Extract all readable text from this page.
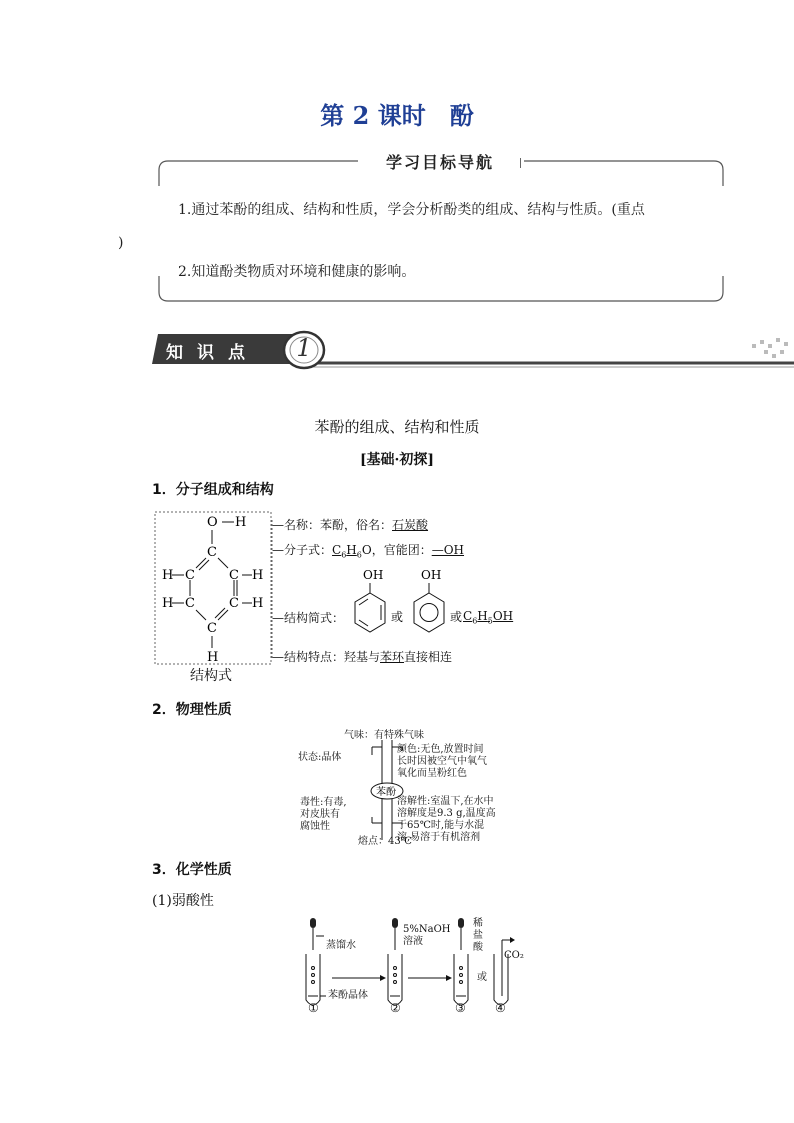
第 2 课时　酚
学习目标导航
1.通过苯酚的组成、结构和性质，学会分析酚类的组成、结构与性质。(重点
)
2.知道酚类物质对环境和健康的影响。
知识点	1
苯酚的组成、结构和性质
[基础·初探]
1．分子组成和结构
O H
C
C	C
C	C
C
H	H
H	H
H
结构式
—名称：苯酚，俗名：石炭酸
—分子式：$C_6H_6O$，官能团：—OH
—结构简式：
OH
或
OH
或 $C_6H_5OH$
—结构特点：羟基与苯环直接相连
2．物理性质
苯酚
气味：有特殊气味
状态:晶体
颜色:无色,放置时间
长时因被空气中氧气
氧化而呈粉红色
毒性:有毒,
对皮肤有
腐蚀性
溶解性:室温下,在水中
溶解度是9.3 g,温度高
于65℃时,能与水混
溶,易溶于有机溶剂
熔点：43℃
3．化学性质
(1)弱酸性
蒸馏水
5%NaOH
溶液
稀
盐
酸
苯酚晶体
或
CO₂
①	②	③ ④
